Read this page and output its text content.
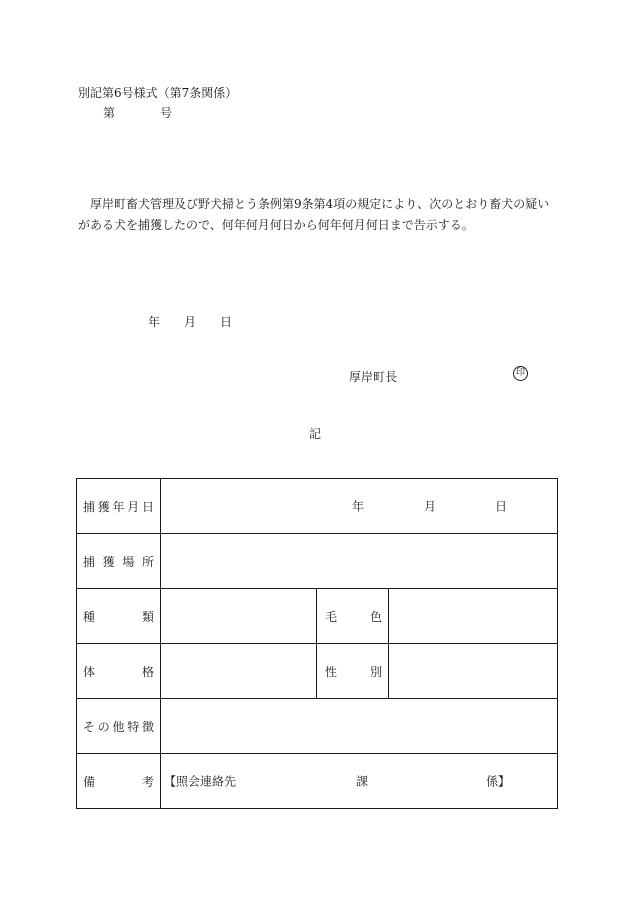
別記第6号様式（第7条関係）
第	号
厚岸町畜犬管理及び野犬掃とう条例第9条第4項の規定により、次のとおり畜犬の疑いがある犬を捕獲したので、何年何月何日から何年何月何日まで告示する。
年 月 日
厚岸町長	印
記
捕 獲 年 月 日	年 月 日		

捕 獲 場 所			

種 類		毛 色	

体 格		性 別	

そ の 他 特 徴			

備 考	【照会連絡先 課 係】		
